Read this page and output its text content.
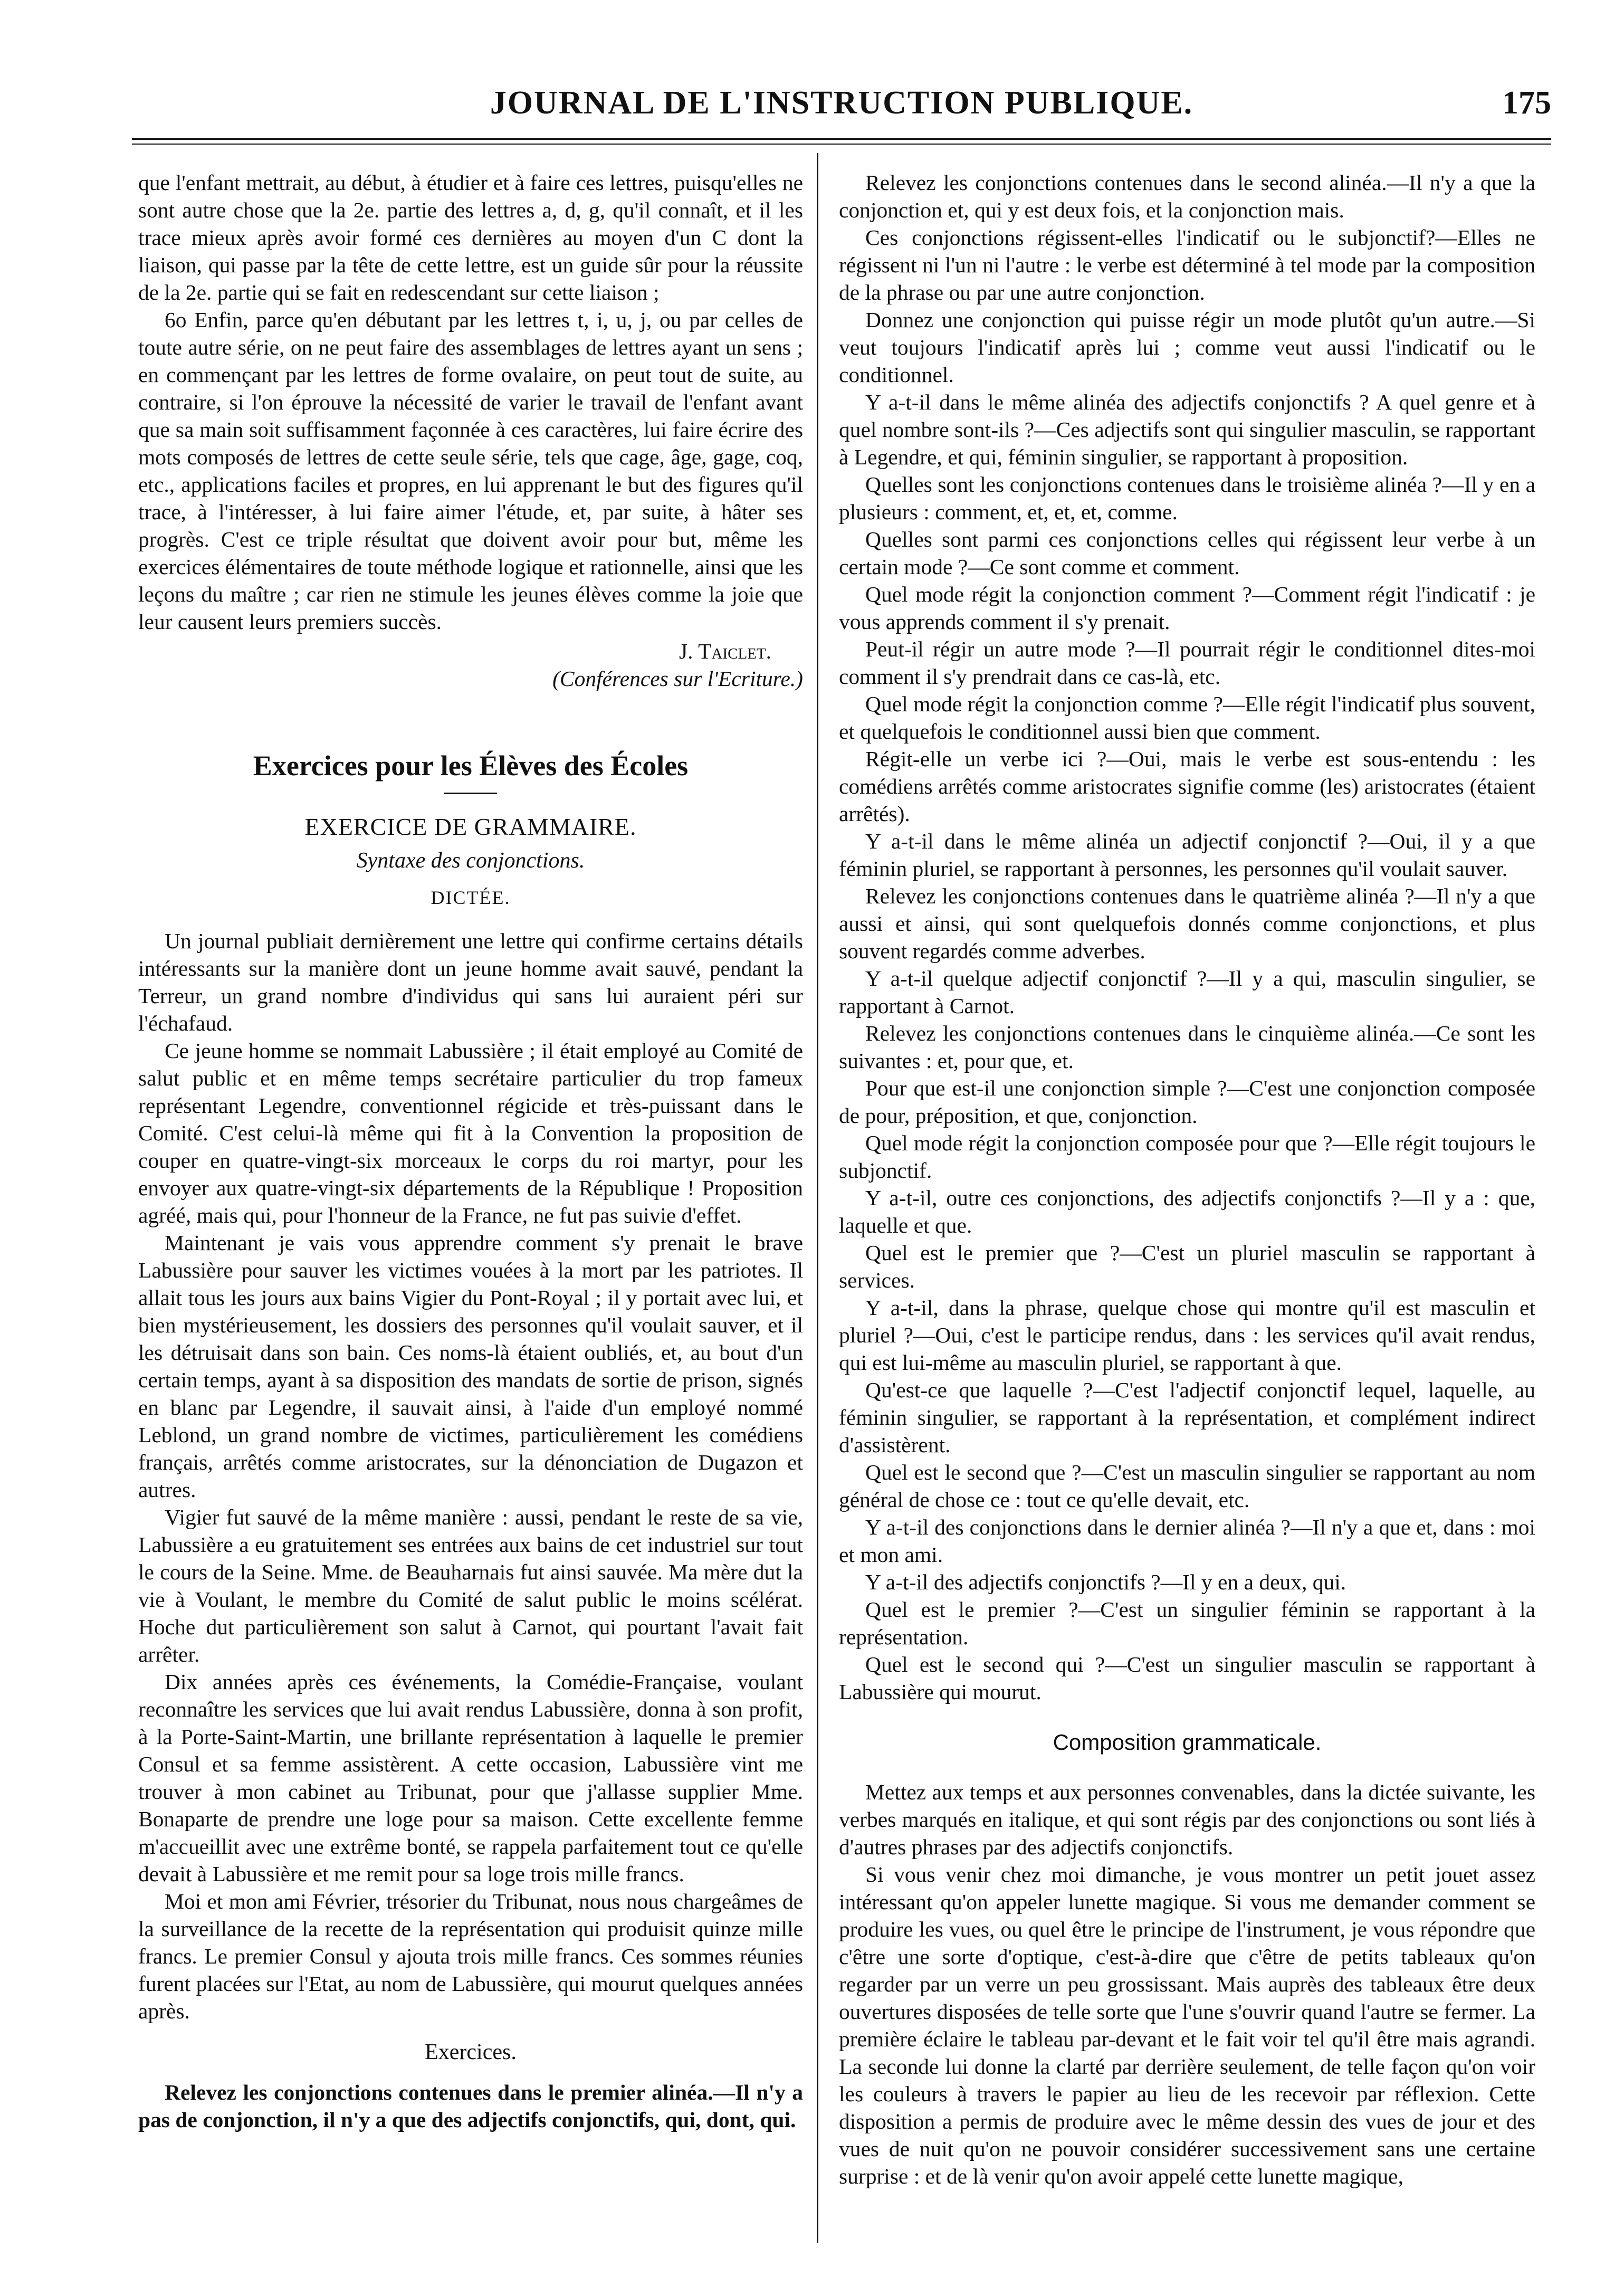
JOURNAL DE L'INSTRUCTION PUBLIQUE.	175

que l'enfant mettrait, au début, à étudier et à faire ces lettres, puisqu'elles ne sont autre chose que la 2e. partie des lettres a, d, g, qu'il connaît, et il les trace mieux après avoir formé ces dernières au moyen d'un C dont la liaison, qui passe par la tête de cette lettre, est un guide sûr pour la réussite de la 2e. partie qui se fait en redescendant sur cette liaison ;

6o Enfin, parce qu'en débutant par les lettres t, i, u, j, ou par celles de toute autre série, on ne peut faire des assemblages de lettres ayant un sens ; en commençant par les lettres de forme ovalaire, on peut tout de suite, au contraire, si l'on éprouve la nécessité de varier le travail de l'enfant avant que sa main soit suffisamment façonnée à ces caractères, lui faire écrire des mots composés de lettres de cette seule série, tels que cage, âge, gage, coq, etc., applications faciles et propres, en lui apprenant le but des figures qu'il trace, à l'intéresser, à lui faire aimer l'étude, et, par suite, à hâter ses progrès. C'est ce triple résultat que doivent avoir pour but, même les exercices élémentaires de toute méthode logique et rationnelle, ainsi que les leçons du maître ; car rien ne stimule les jeunes élèves comme la joie que leur causent leurs premiers succès.

J. Taiclet.
(Conférences sur l'Ecriture.)
Exercices pour les Élèves des Écoles
EXERCICE DE GRAMMAIRE.
Syntaxe des conjonctions.
DICTÉE.

Un journal publiait dernièrement une lettre qui confirme certains détails intéressants sur la manière dont un jeune homme avait sauvé, pendant la Terreur, un grand nombre d'individus qui sans lui auraient péri sur l'échafaud.

Ce jeune homme se nommait Labussière ; il était employé au Comité de salut public et en même temps secrétaire particulier du trop fameux représentant Legendre, conventionnel régicide et très-puissant dans le Comité. C'est celui-là même qui fit à la Convention la proposition de couper en quatre-vingt-six morceaux le corps du roi martyr, pour les envoyer aux quatre-vingt-six départements de la République ! Proposition agréé, mais qui, pour l'honneur de la France, ne fut pas suivie d'effet.

Maintenant je vais vous apprendre comment s'y prenait le brave Labussière pour sauver les victimes vouées à la mort par les patriotes. Il allait tous les jours aux bains Vigier du Pont-Royal ; il y portait avec lui, et bien mystérieusement, les dossiers des personnes qu'il voulait sauver, et il les détruisait dans son bain. Ces noms-là étaient oubliés, et, au bout d'un certain temps, ayant à sa disposition des mandats de sortie de prison, signés en blanc par Legendre, il sauvait ainsi, à l'aide d'un employé nommé Leblond, un grand nombre de victimes, particulièrement les comédiens français, arrêtés comme aristocrates, sur la dénonciation de Dugazon et autres.

Vigier fut sauvé de la même manière : aussi, pendant le reste de sa vie, Labussière a eu gratuitement ses entrées aux bains de cet industriel sur tout le cours de la Seine. Mme. de Beauharnais fut ainsi sauvée. Ma mère dut la vie à Voulant, le membre du Comité de salut public le moins scélérat. Hoche dut particulièrement son salut à Carnot, qui pourtant l'avait fait arrêter.

Dix années après ces événements, la Comédie-Française, voulant reconnaître les services que lui avait rendus Labussière, donna à son profit, à la Porte-Saint-Martin, une brillante représentation à laquelle le premier Consul et sa femme assistèrent. A cette occasion, Labussière vint me trouver à mon cabinet au Tribunat, pour que j'allasse supplier Mme. Bonaparte de prendre une loge pour sa maison. Cette excellente femme m'accueillit avec une extrême bonté, se rappela parfaitement tout ce qu'elle devait à Labussière et me remit pour sa loge trois mille francs.

Moi et mon ami Février, trésorier du Tribunat, nous nous chargeâmes de la surveillance de la recette de la représentation qui produisit quinze mille francs. Le premier Consul y ajouta trois mille francs. Ces sommes réunies furent placées sur l'Etat, au nom de Labussière, qui mourut quelques années après.

Exercices.

Relevez les conjonctions contenues dans le premier alinéa.—Il n'y a pas de conjonction, il n'y a que des adjectifs conjonctifs, qui, dont, qui.

Relevez les conjonctions contenues dans le second alinéa.—Il n'y a que la conjonction et, qui y est deux fois, et la conjonction mais.

Ces conjonctions régissent-elles l'indicatif ou le subjonctif?—Elles ne régissent ni l'un ni l'autre : le verbe est déterminé à tel mode par la composition de la phrase ou par une autre conjonction.

Donnez une conjonction qui puisse régir un mode plutôt qu'un autre.—Si veut toujours l'indicatif après lui ; comme veut aussi l'indicatif ou le conditionnel.

Y a-t-il dans le même alinéa des adjectifs conjonctifs ? A quel genre et à quel nombre sont-ils ?—Ces adjectifs sont qui singulier masculin, se rapportant à Legendre, et qui, féminin singulier, se rapportant à proposition.

Quelles sont les conjonctions contenues dans le troisième alinéa ?—Il y en a plusieurs : comment, et, et, et, comme.

Quelles sont parmi ces conjonctions celles qui régissent leur verbe à un certain mode ?—Ce sont comme et comment.

Quel mode régit la conjonction comment ?—Comment régit l'indicatif : je vous apprends comment il s'y prenait.

Peut-il régir un autre mode ?—Il pourrait régir le conditionnel dites-moi comment il s'y prendrait dans ce cas-là, etc.

Quel mode régit la conjonction comme ?—Elle régit l'indicatif plus souvent, et quelquefois le conditionnel aussi bien que comment.

Régit-elle un verbe ici ?—Oui, mais le verbe est sous-entendu : les comédiens arrêtés comme aristocrates signifie comme (les) aristocrates (étaient arrêtés).

Y a-t-il dans le même alinéa un adjectif conjonctif ?—Oui, il y a que féminin pluriel, se rapportant à personnes, les personnes qu'il voulait sauver.

Relevez les conjonctions contenues dans le quatrième alinéa ?—Il n'y a que aussi et ainsi, qui sont quelquefois donnés comme conjonctions, et plus souvent regardés comme adverbes.

Y a-t-il quelque adjectif conjonctif ?—Il y a qui, masculin singulier, se rapportant à Carnot.

Relevez les conjonctions contenues dans le cinquième alinéa.—Ce sont les suivantes : et, pour que, et.

Pour que est-il une conjonction simple ?—C'est une conjonction composée de pour, préposition, et que, conjonction.

Quel mode régit la conjonction composée pour que ?—Elle régit toujours le subjonctif.

Y a-t-il, outre ces conjonctions, des adjectifs conjonctifs ?—Il y a : que, laquelle et que.

Quel est le premier que ?—C'est un pluriel masculin se rapportant à services.

Y a-t-il, dans la phrase, quelque chose qui montre qu'il est masculin et pluriel ?—Oui, c'est le participe rendus, dans : les services qu'il avait rendus, qui est lui-même au masculin pluriel, se rapportant à que.

Qu'est-ce que laquelle ?—C'est l'adjectif conjonctif lequel, laquelle, au féminin singulier, se rapportant à la représentation, et complément indirect d'assistèrent.

Quel est le second que ?—C'est un masculin singulier se rapportant au nom général de chose ce : tout ce qu'elle devait, etc.

Y a-t-il des conjonctions dans le dernier alinéa ?—Il n'y a que et, dans : moi et mon ami.

Y a-t-il des adjectifs conjonctifs ?—Il y en a deux, qui.

Quel est le premier ?—C'est un singulier féminin se rapportant à la représentation.

Quel est le second qui ?—C'est un singulier masculin se rapportant à Labussière qui mourut.

Composition grammaticale.

Mettez aux temps et aux personnes convenables, dans la dictée suivante, les verbes marqués en italique, et qui sont régis par des conjonctions ou sont liés à d'autres phrases par des adjectifs conjonctifs.

Si vous venir chez moi dimanche, je vous montrer un petit jouet assez intéressant qu'on appeler lunette magique. Si vous me demander comment se produire les vues, ou quel être le principe de l'instrument, je vous répondre que c'être une sorte d'optique, c'est-à-dire que c'être de petits tableaux qu'on regarder par un verre un peu grossissant. Mais auprès des tableaux être deux ouvertures disposées de telle sorte que l'une s'ouvrir quand l'autre se fermer. La première éclaire le tableau par-devant et le fait voir tel qu'il être mais agrandi. La seconde lui donne la clarté par derrière seulement, de telle façon qu'on voir les couleurs à travers le papier au lieu de les recevoir par réflexion. Cette disposition a permis de produire avec le même dessin des vues de jour et des vues de nuit qu'on ne pouvoir considérer successivement sans une certaine surprise : et de là venir qu'on avoir appelé cette lunette magique,
